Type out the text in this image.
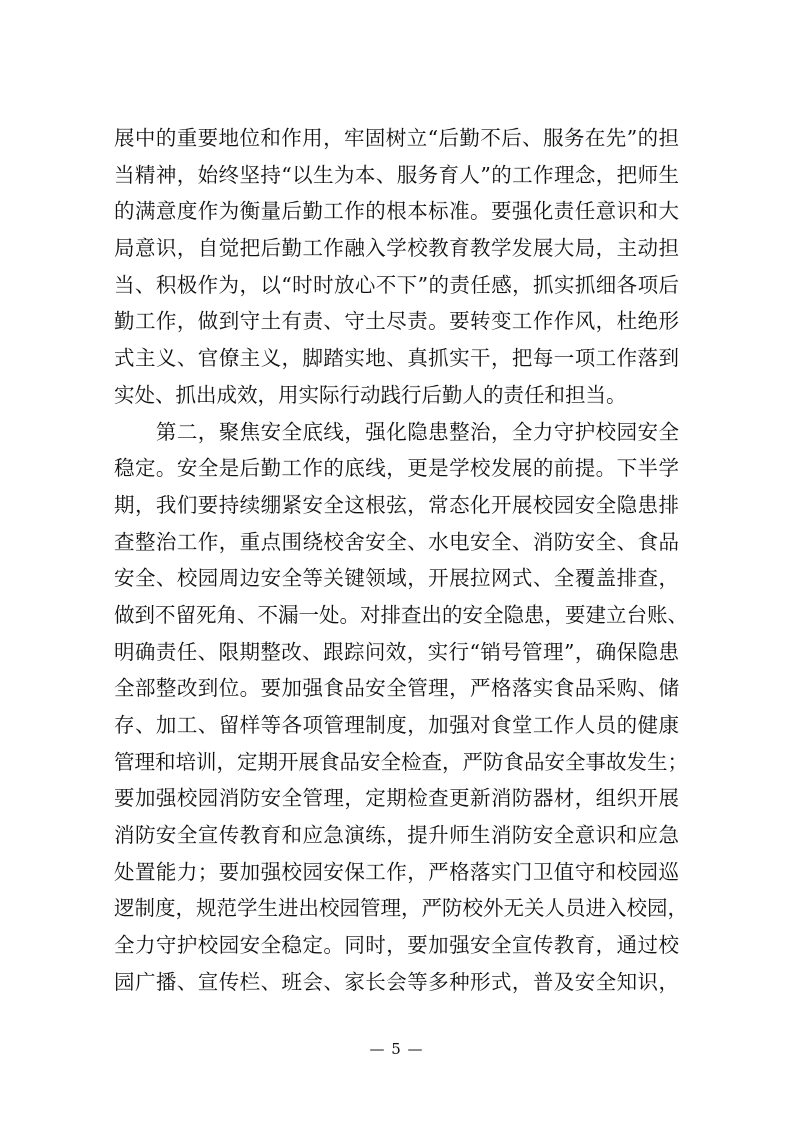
展中的重要地位和作用，牢固树立“后勤不后、服务在先”的担
当精神，始终坚持“以生为本、服务育人”的工作理念，把师生
的满意度作为衡量后勤工作的根本标准。要强化责任意识和大
局意识，自觉把后勤工作融入学校教育教学发展大局，主动担
当、积极作为，以“时时放心不下”的责任感，抓实抓细各项后
勤工作，做到守土有责、守土尽责。要转变工作作风，杜绝形
式主义、官僚主义，脚踏实地、真抓实干，把每一项工作落到
实处、抓出成效，用实际行动践行后勤人的责任和担当。
　　第二，聚焦安全底线，强化隐患整治，全力守护校园安全
稳定。安全是后勤工作的底线，更是学校发展的前提。下半学
期，我们要持续绷紧安全这根弦，常态化开展校园安全隐患排
查整治工作，重点围绕校舍安全、水电安全、消防安全、食品
安全、校园周边安全等关键领域，开展拉网式、全覆盖排查，
做到不留死角、不漏一处。对排查出的安全隐患，要建立台账、
明确责任、限期整改、跟踪问效，实行“销号管理”，确保隐患
全部整改到位。要加强食品安全管理，严格落实食品采购、储
存、加工、留样等各项管理制度，加强对食堂工作人员的健康
管理和培训，定期开展食品安全检查，严防食品安全事故发生；
要加强校园消防安全管理，定期检查更新消防器材，组织开展
消防安全宣传教育和应急演练，提升师生消防安全意识和应急
处置能力；要加强校园安保工作，严格落实门卫值守和校园巡
逻制度，规范学生进出校园管理，严防校外无关人员进入校园，
全力守护校园安全稳定。同时，要加强安全宣传教育，通过校
园广播、宣传栏、班会、家长会等多种形式，普及安全知识，
— 5 —
